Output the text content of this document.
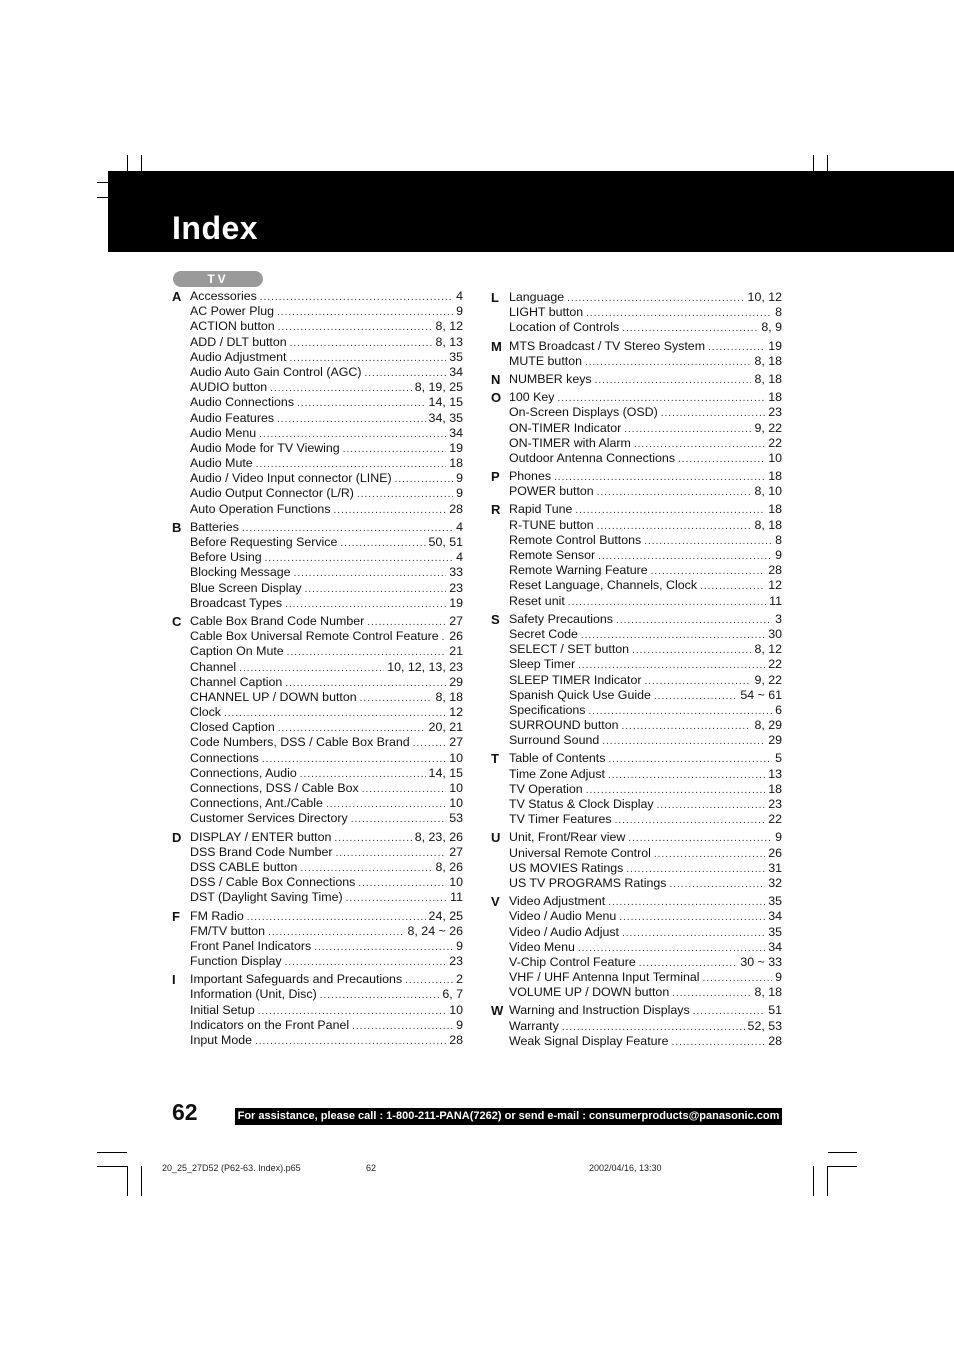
Index
TV
A Accessories .....	4
AC Power Plug .....	9
ACTION button .....	8, 12
ADD / DLT button .....	8, 13
Audio Adjustment .....	35
Audio Auto Gain Control (AGC) .....	34
AUDIO button .....	8, 19, 25
Audio Connections .....	14, 15
Audio Features .....	34, 35
Audio Menu .....	34
Audio Mode for TV Viewing .....	19
Audio Mute .....	18
Audio / Video Input connector (LINE) .....	9
Audio Output Connector (L/R) .....	9
Auto Operation Functions .....	28
B Batteries .....	4
Before Requesting Service .....	50, 51
Before Using .....	4
Blocking Message .....	33
Blue Screen Display .....	23
Broadcast Types .....	19
C Cable Box Brand Code Number .....	27
Cable Box Universal Remote Control Feature ..... 26
Caption On Mute .....	21
Channel .....	10, 12, 13, 23
Channel Caption .....	29
CHANNEL UP / DOWN button .....	8, 18
Clock .....	12
Closed Caption .....	20, 21
Code Numbers, DSS / Cable Box Brand .....	27
Connections .....	10
Connections, Audio .....	14, 15
Connections, DSS / Cable Box .....	10
Connections, Ant./Cable .....	10
Customer Services Directory .....	53
D DISPLAY / ENTER button .....	8, 23, 26
DSS Brand Code Number .....	27
DSS CABLE button .....	8, 26
DSS / Cable Box Connections .....	10
DST (Daylight Saving Time) .....	11
F FM Radio .....	24, 25
FM/TV button .....	8, 24 ~ 26
Front Panel Indicators .....	9
Function Display .....	23
I Important Safeguards and Precautions .....	2
Information (Unit, Disc) .....	6, 7
Initial Setup .....	10
Indicators on the Front Panel .....	9
Input Mode .....	28
L Language .....	10, 12
LIGHT button .....	8
Location of Controls .....	8, 9
M MTS Broadcast / TV Stereo System .....	19
MUTE button .....	8, 18
N NUMBER keys .....	8, 18
O 100 Key .....	18
On-Screen Displays (OSD) .....	23
ON-TIMER Indicator .....	9, 22
ON-TIMER with Alarm .....	22
Outdoor Antenna Connections .....	10
P Phones .....	18
POWER button .....	8, 10
R Rapid Tune .....	18
R-TUNE button .....	8, 18
Remote Control Buttons .....	8
Remote Sensor .....	9
Remote Warning Feature .....	28
Reset Language, Channels, Clock .....	12
Reset unit .....	11
S Safety Precautions .....	3
Secret Code .....	30
SELECT / SET button .....	8, 12
Sleep Timer .....	22
SLEEP TIMER Indicator .....	9, 22
Spanish Quick Use Guide .....	54 ~ 61
Specifications .....	6
SURROUND button .....	8, 29
Surround Sound .....	29
T Table of Contents .....	5
Time Zone Adjust .....	13
TV Operation .....	18
TV Status & Clock Display .....	23
TV Timer Features .....	22
U Unit, Front/Rear view .....	9
Universal Remote Control .....	26
US MOVIES Ratings .....	31
US TV PROGRAMS Ratings .....	32
V Video Adjustment .....	35
Video / Audio Menu .....	34
Video / Audio Adjust .....	35
Video Menu .....	34
V-Chip Control Feature .....	30 ~ 33
VHF / UHF Antenna Input Terminal .....	9
VOLUME UP / DOWN button .....	8, 18
W Warning and Instruction Displays .....	51
Warranty .....	52, 53
Weak Signal Display Feature .....	28
62	For assistance, please call : 1-800-211-PANA(7262) or send e-mail : consumerproducts@panasonic.com
20_25_27D52 (P62-63. Index).p65	62	2002/04/16, 13:30
